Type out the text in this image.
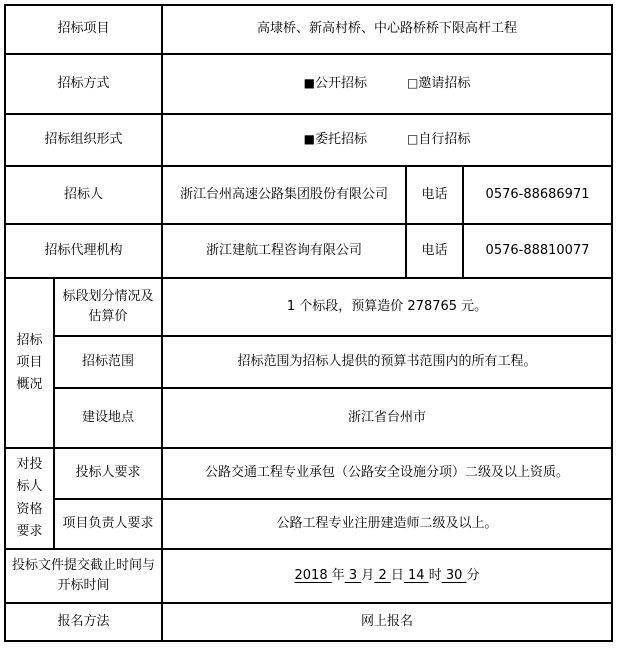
招标项目		高埭桥、新高村桥、中心路桥桥下限高杆工程		
招标方式		■公开招标 □邀请招标		
招标组织形式		■委托招标 □自行招标		
招标人		浙江台州高速公路集团股份有限公司	电话	0576-88686971
招标代理机构		浙江建航工程咨询有限公司	电话	0576-88810077
招标项目概况	标段划分情况及估算价	1 个标段，预算造价 278765 元。		
	招标范围	招标范围为招标人提供的预算书范围内的所有工程。		
	建设地点	浙江省台州市		
对投标人资格要求	投标人要求	公路交通工程专业承包（公路安全设施分项）二级及以上资质。		
	项目负责人要求	公路工程专业注册建造师二级及以上。		
投标文件提交截止时间与开标时间		2018 年 3 月 2 日 14 时 30 分		
报名方法		网上报名		
